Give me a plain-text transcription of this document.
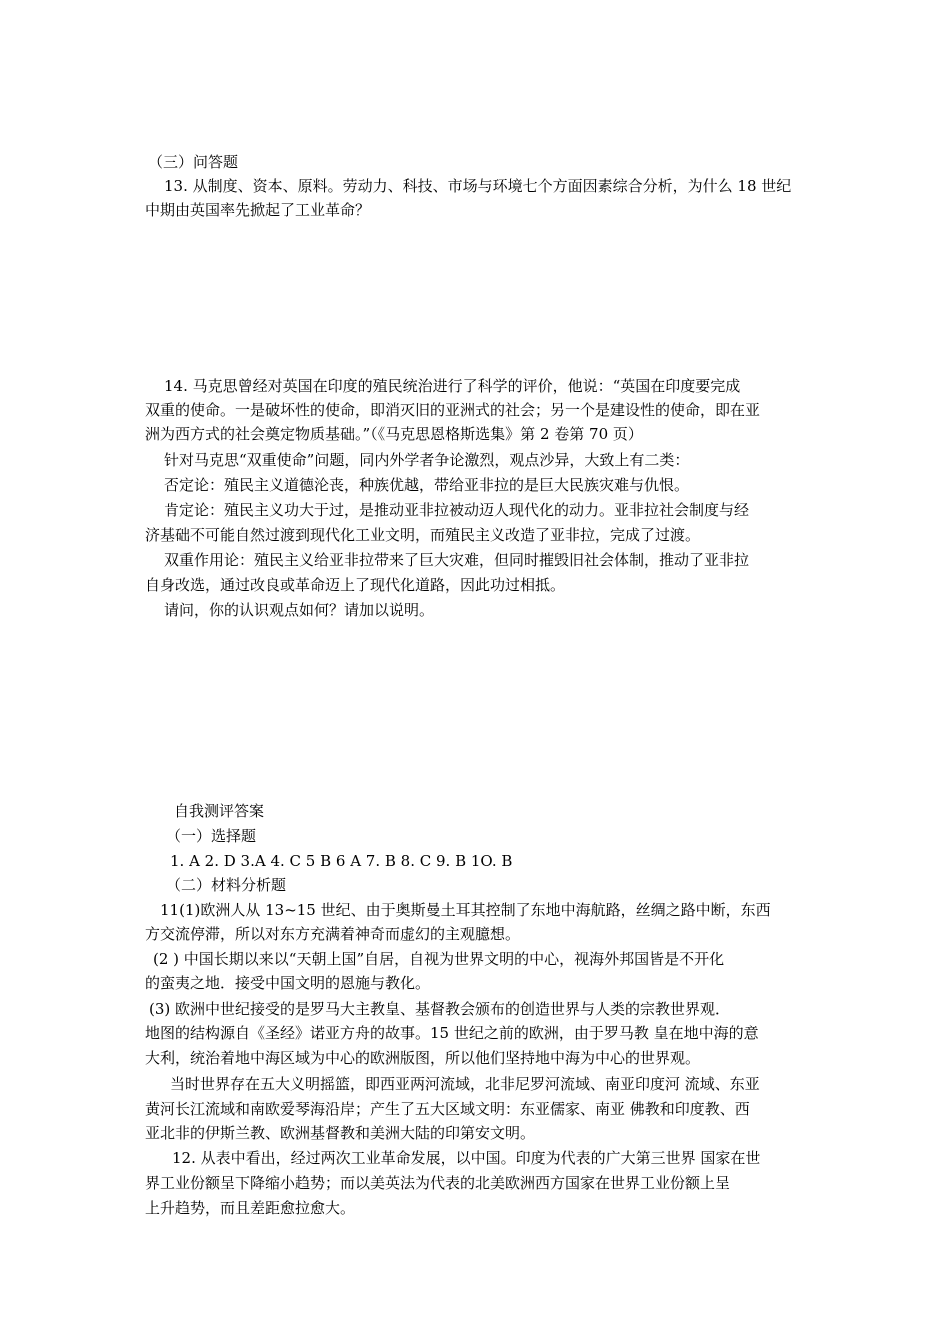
（三）问答题
13. 从制度、资本、原料。劳动力、科技、市场与环境七个方面因素综合分析，为什么 18 世纪
中期由英国率先掀起了工业革命？
14. 马克思曾经对英国在印度的殖民统治进行了科学的评价，他说：“英国在印度要完成
双重的使命。一是破坏性的使命，即消灭旧的亚洲式的社会；另一个是建设性的使命，即在亚
洲为西方式的社会奠定物质基础。”（《马克思恩格斯选集》第 2 卷第 70 页）
针对马克思“双重使命”问题，同内外学者争论激烈，观点沙异，大致上有二类：
否定论：殖民主义道德沦丧，种族优越，带给亚非拉的是巨大民族灾难与仇恨。
肯定论：殖民主义功大于过，是推动亚非拉被动迈人现代化的动力。亚非拉社会制度与经
济基础不可能自然过渡到现代化工业文明，而殖民主义改造了亚非拉，完成了过渡。
双重作用论：殖民主义给亚非拉带来了巨大灾难，但同时摧毁旧社会体制，推动了亚非拉
自身改选，通过改良或革命迈上了现代化道路，因此功过相抵。
请问，你的认识观点如何？请加以说明。
自我测评答案
（一）选择题
1. A 2. D 3.A 4. C 5 B 6 A 7. B 8. C 9. B 1O. B
（二）材料分析题
11(1)欧洲人从 13~15 世纪、由于奥斯曼土耳其控制了东地中海航路，丝绸之路中断，东西
方交流停滞，所以对东方充满着神奇而虚幻的主观臆想。
(2 ) 中国长期以来以“天朝上国”自居，自视为世界文明的中心，视海外邦国皆是不开化
的蛮夷之地．接受中国文明的恩施与教化。
(3) 欧洲中世纪接受的是罗马大主教皇、基督教会颁布的创造世界与人类的宗教世界观．
地图的结构源自《圣经》诺亚方舟的故事。15 世纪之前的欧洲，由于罗马教 皇在地中海的意
大利，统治着地中海区域为中心的欧洲版图，所以他们坚持地中海为中心的世界观。
当时世界存在五大义明摇篮，即西亚两河流域，北非尼罗河流域、南亚印度河 流域、东亚
黄河长江流域和南欧爱琴海沿岸；产生了五大区域文明：东亚儒家、南亚 佛教和印度教、西
亚北非的伊斯兰教、欧洲基督教和美洲大陆的印第安文明。
12. 从表中看出，经过两次工业革命发展，以中国。印度为代表的广大第三世界 国家在世
界工业份额呈下降缩小趋势；而以美英法为代表的北美欧洲西方国家在世界工业份额上呈
上升趋势，而且差距愈拉愈大。
